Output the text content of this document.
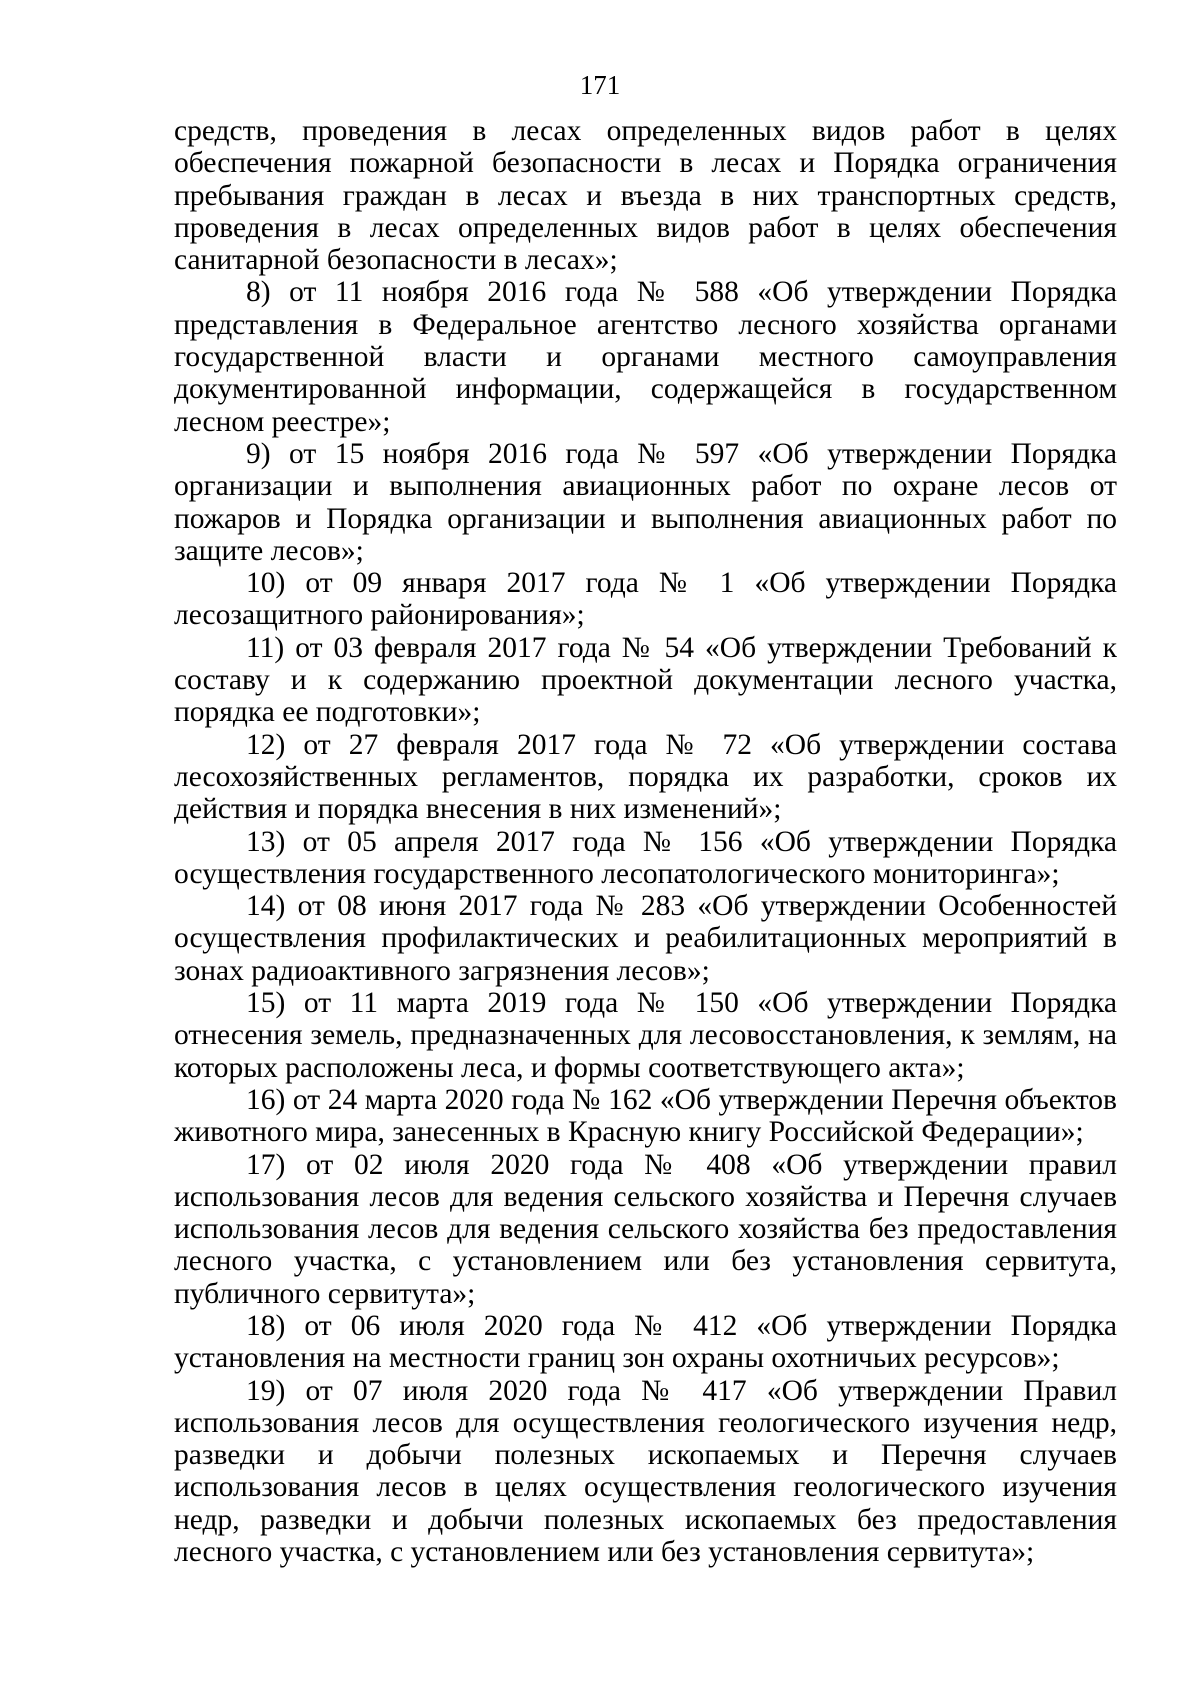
171

средств, проведения в лесах определенных видов работ в целях обеспечения пожарной безопасности в лесах и Порядка ограничения пребывания граждан в лесах и въезда в них транспортных средств, проведения в лесах определенных видов работ в целях обеспечения санитарной безопасности в лесах»;

8) от 11 ноября 2016 года № 588 «Об утверждении Порядка представления в Федеральное агентство лесного хозяйства органами государственной власти и органами местного самоуправления документированной информации, содержащейся в государственном лесном реестре»;

9) от 15 ноября 2016 года № 597 «Об утверждении Порядка организации и выполнения авиационных работ по охране лесов от пожаров и Порядка организации и выполнения авиационных работ по защите лесов»;

10) от 09 января 2017 года № 1 «Об утверждении Порядка лесозащитного районирования»;

11) от 03 февраля 2017 года № 54 «Об утверждении Требований к составу и к содержанию проектной документации лесного участка, порядка ее подготовки»;

12) от 27 февраля 2017 года № 72 «Об утверждении состава лесохозяйственных регламентов, порядка их разработки, сроков их действия и порядка внесения в них изменений»;

13) от 05 апреля 2017 года № 156 «Об утверждении Порядка осуществления государственного лесопатологического мониторинга»;

14) от 08 июня 2017 года № 283 «Об утверждении Особенностей осуществления профилактических и реабилитационных мероприятий в зонах радиоактивного загрязнения лесов»;

15) от 11 марта 2019 года № 150 «Об утверждении Порядка отнесения земель, предназначенных для лесовосстановления, к землям, на которых расположены леса, и формы соответствующего акта»;

16) от 24 марта 2020 года № 162 «Об утверждении Перечня объектов животного мира, занесенных в Красную книгу Российской Федерации»;

17) от 02 июля 2020 года № 408 «Об утверждении правил использования лесов для ведения сельского хозяйства и Перечня случаев использования лесов для ведения сельского хозяйства без предоставления лесного участка, с установлением или без установления сервитута, публичного сервитута»;

18) от 06 июля 2020 года № 412 «Об утверждении Порядка установления на местности границ зон охраны охотничьих ресурсов»;

19) от 07 июля 2020 года № 417 «Об утверждении Правил использования лесов для осуществления геологического изучения недр, разведки и добычи полезных ископаемых и Перечня случаев использования лесов в целях осуществления геологического изучения недр, разведки и добычи полезных ископаемых без предоставления лесного участка, с установлением или без установления сервитута»;
